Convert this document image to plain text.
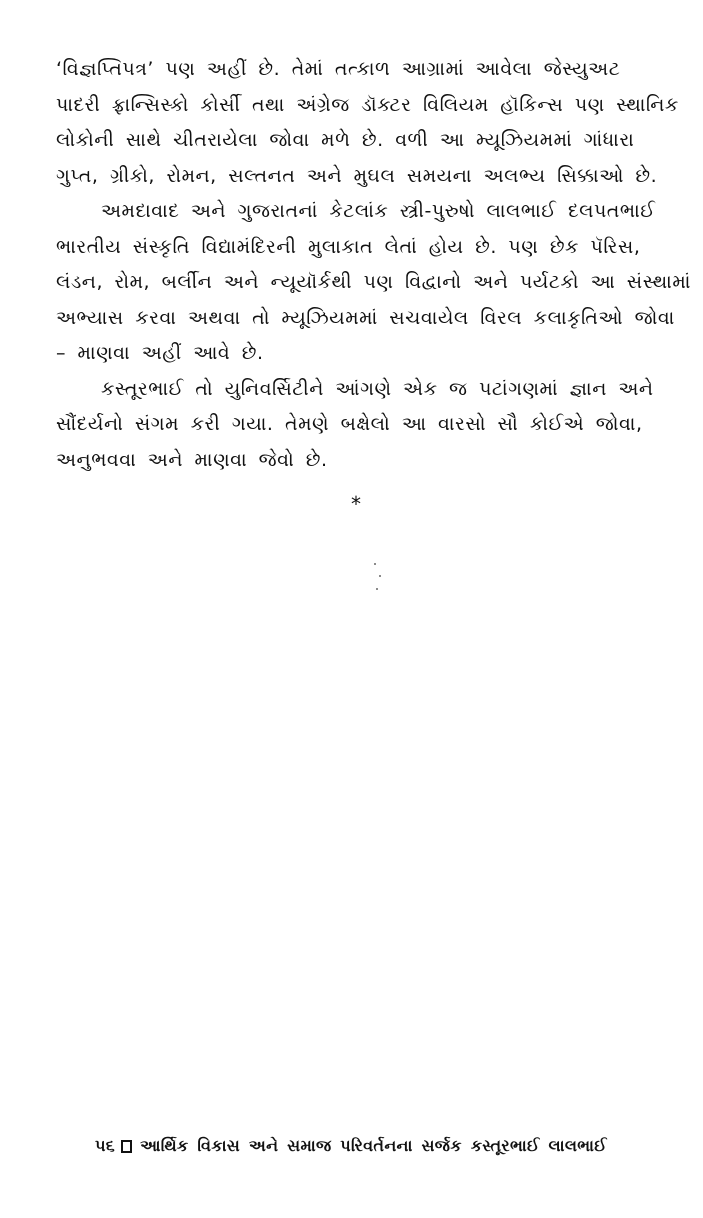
‘વિજ્ઞપ્તિપત્ર’ પણ અહીં છે. તેમાં તત્કાળ આગ્રામાં આવેલા જેસ્યુઅટ
પાદરી ફ્રાન્સિસ્કો કોર્સી તથા અંગ્રેજ ડૉક્ટર વિલિયમ હૉકિન્સ પણ સ્થાનિક
લોકોની સાથે ચીતરાયેલા જોવા મળે છે. વળી આ મ્યૂઝિયમમાં ગાંધારા
ગુપ્ત, ગ્રીકો, રોમન, સલ્તનત અને મુઘલ સમયના અલભ્ય સિક્કાઓ છે.
અમદાવાદ અને ગુજરાતનાં કેટલાંક સ્ત્રી-પુરુષો લાલભાઈ દલપતભાઈ
ભારતીય સંસ્કૃતિ વિદ્યામંદિરની મુલાકાત લેતાં હોય છે. પણ છેક પૅરિસ,
લંડન, રોમ, બર્લીન અને ન્યૂયૉર્કથી પણ વિદ્વાનો અને પર્યટકો આ સંસ્થામાં
અભ્યાસ કરવા અથવા તો મ્યૂઝિયમમાં સચવાયેલ વિરલ કલાકૃતિઓ જોવા
– માણવા અહીં આવે છે.
કસ્તૂરભાઈ તો યુનિવર્સિટીને આંગણે એક જ પટાંગણમાં જ્ઞાન અને
સૌંદર્યનો સંગમ કરી ગયા. તેમણે બક્ષેલો આ વારસો સૌ કોઈએ જોવા,
અનુભવવા અને માણવા જેવો છે.
*
૫૬ આર્થિક વિકાસ અને સમાજ પરિવર્તનના સર્જક કસ્તૂરભાઈ લાલભાઈ
